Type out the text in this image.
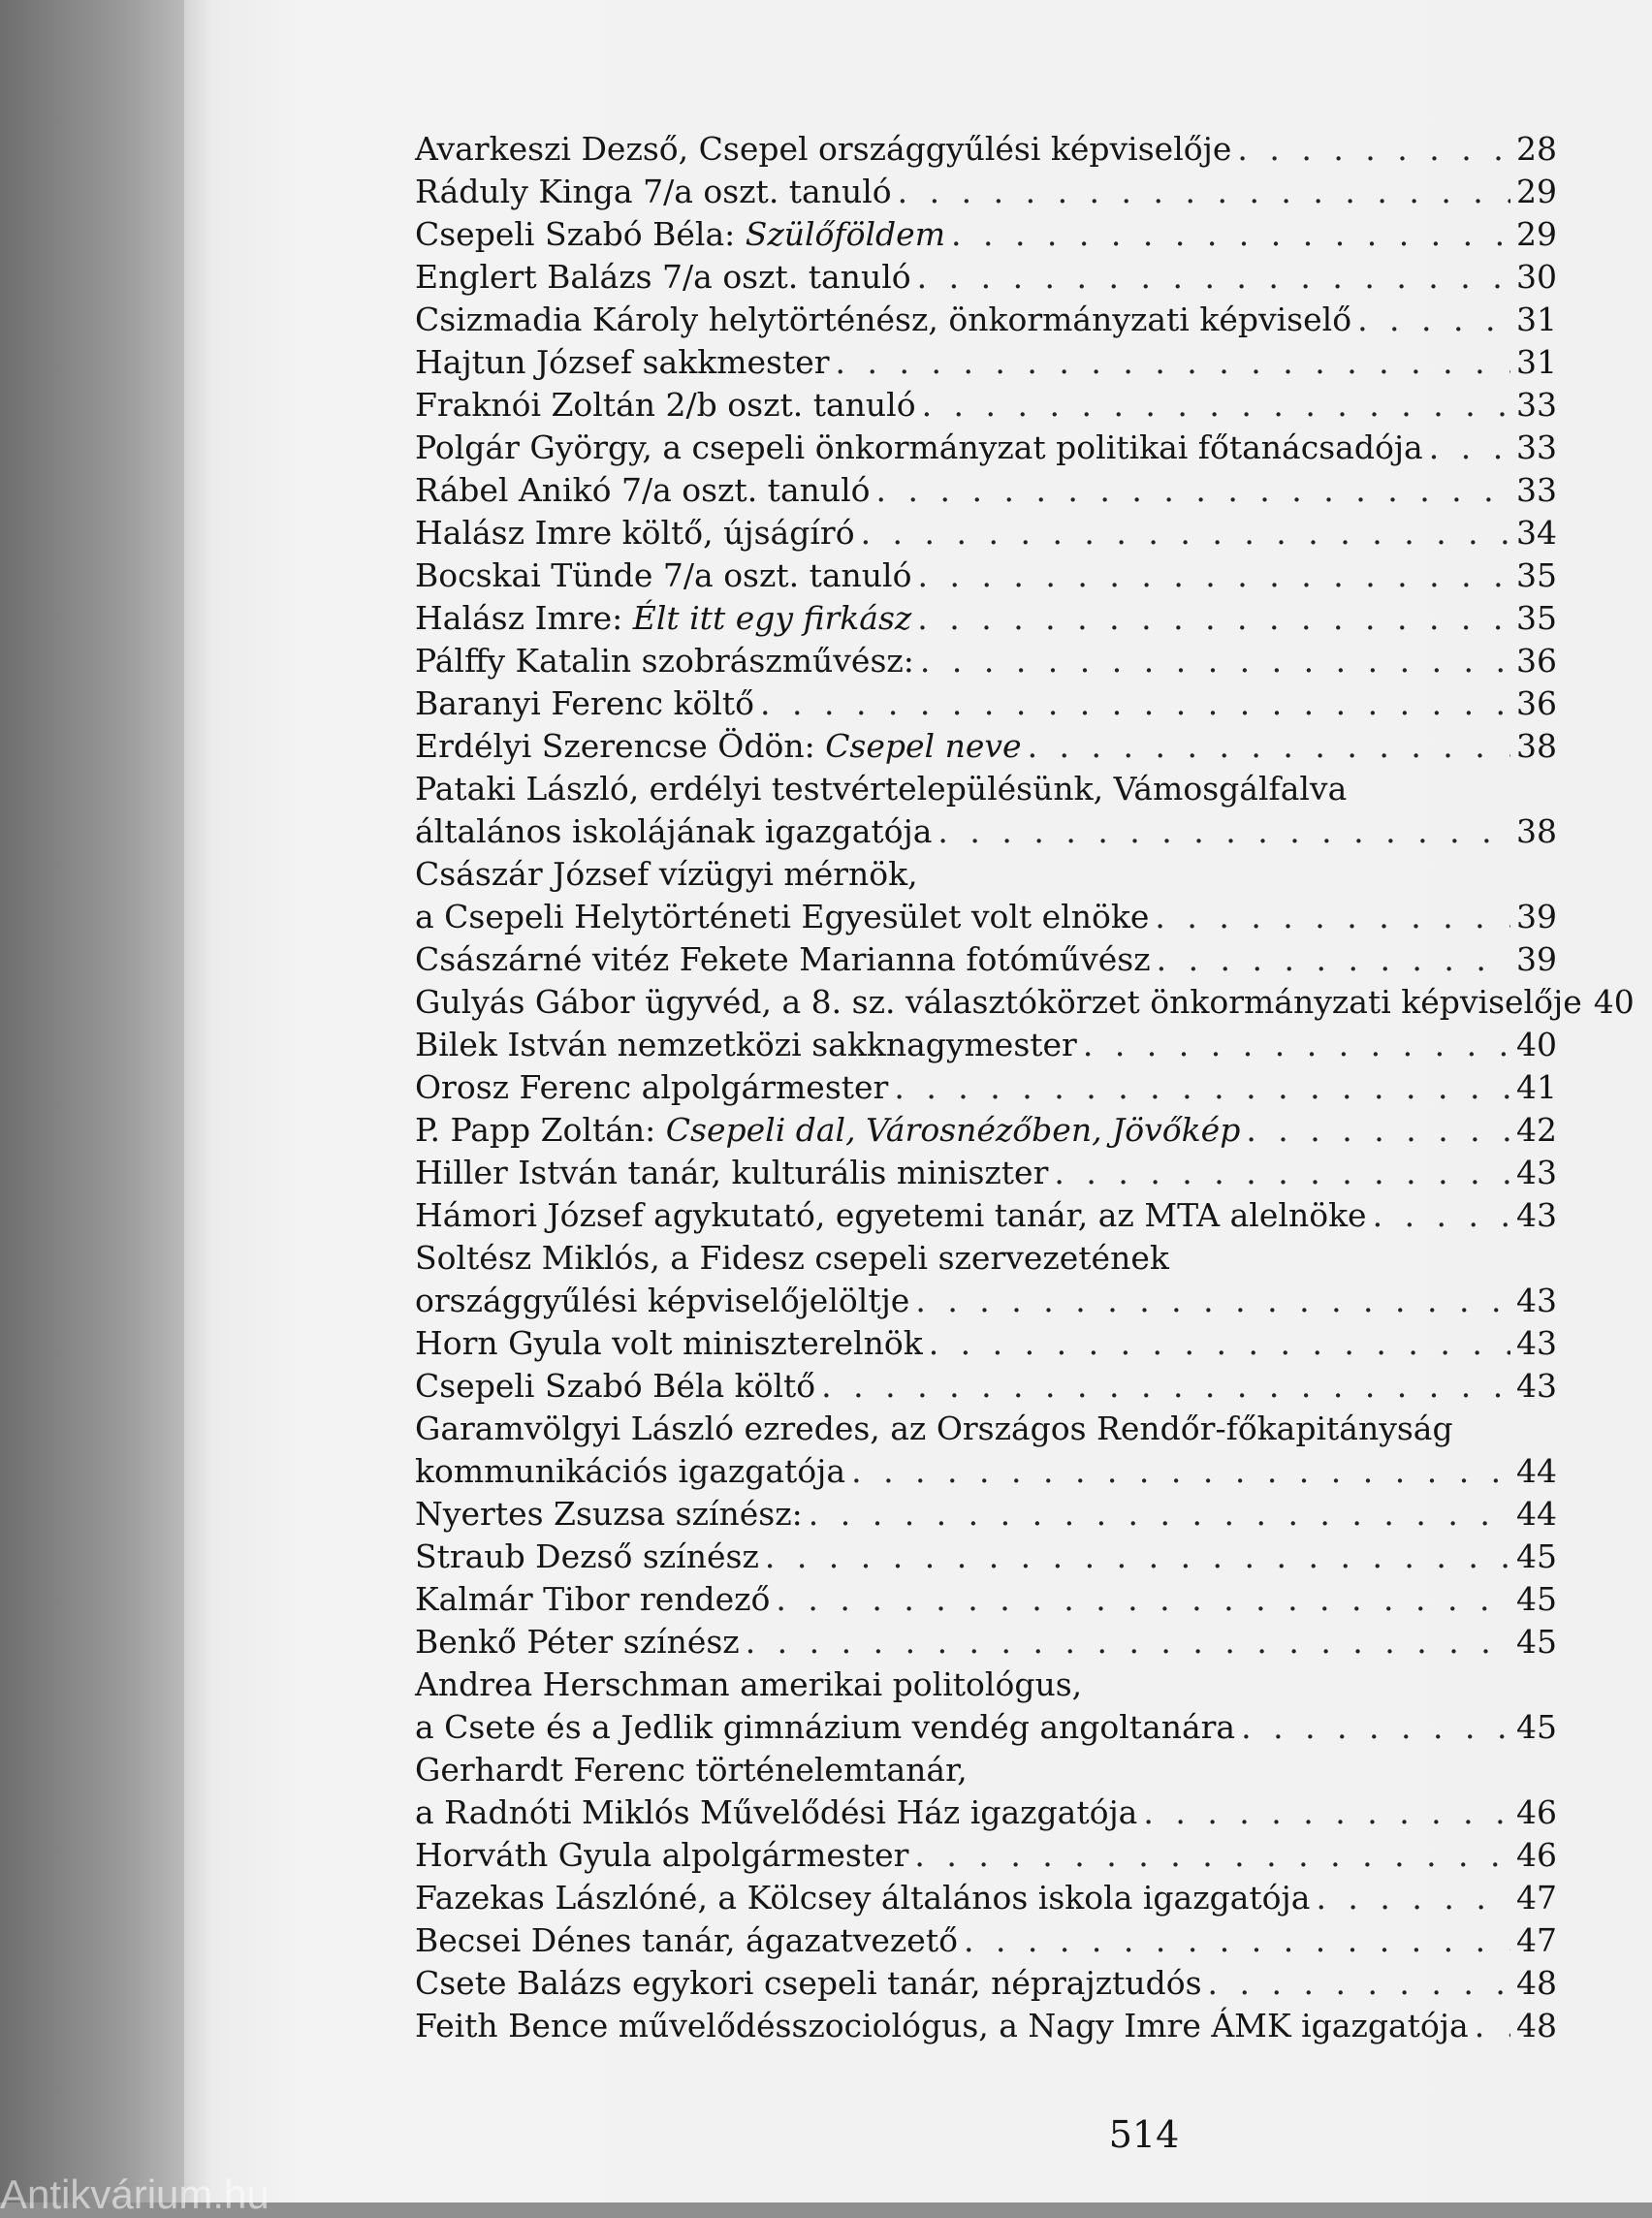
Avarkeszi Dezső, Csepel országgyűlési képviselője . . .	28
Ráduly Kinga 7/a oszt. tanuló . . .	29
Csepeli Szabó Béla: Szülőföldem . . .	29
Englert Balázs 7/a oszt. tanuló . . .	30
Csizmadia Károly helytörténész, önkormányzati képviselő . . .	31
Hajtun József sakkmester . . .	31
Fraknói Zoltán 2/b oszt. tanuló . . .	33
Polgár György, a csepeli önkormányzat politikai főtanácsadója . . .	33
Rábel Anikó 7/a oszt. tanuló . . .	33
Halász Imre költő, újságíró . . .	34
Bocskai Tünde 7/a oszt. tanuló . . .	35
Halász Imre: Élt itt egy firkász . . .	35
Pálffy Katalin szobrászművész: . . .	36
Baranyi Ferenc költő . . .	36
Erdélyi Szerencse Ödön: Csepel neve . . .	38
Pataki László, erdélyi testvértelepülésünk, Vámosgálfalva
általános iskolájának igazgatója . . .	38
Császár József vízügyi mérnök,
a Csepeli Helytörténeti Egyesület volt elnöke . . .	39
Császárné vitéz Fekete Marianna fotóművész . . .	39
Gulyás Gábor ügyvéd, a 8. sz. választókörzet önkormányzati képviselője 40
Bilek István nemzetközi sakknagymester . . .	40
Orosz Ferenc alpolgármester . . .	41
P. Papp Zoltán: Csepeli dal, Városnézőben, Jövőkép . . .	42
Hiller István tanár, kulturális miniszter . . .	43
Hámori József agykutató, egyetemi tanár, az MTA alelnöke . . .	43
Soltész Miklós, a Fidesz csepeli szervezetének
országgyűlési képviselőjelöltje . . .	43
Horn Gyula volt miniszterelnök . . .	43
Csepeli Szabó Béla költő . . .	43
Garamvölgyi László ezredes, az Országos Rendőr-főkapitányság
kommunikációs igazgatója . . .	44
Nyertes Zsuzsa színész: . . .	44
Straub Dezső színész . . .	45
Kalmár Tibor rendező . . .	45
Benkő Péter színész . . .	45
Andrea Herschman amerikai politológus,
a Csete és a Jedlik gimnázium vendég angoltanára . . .	45
Gerhardt Ferenc történelemtanár,
a Radnóti Miklós Művelődési Ház igazgatója . . .	46
Horváth Gyula alpolgármester . . .	46
Fazekas Lászlóné, a Kölcsey általános iskola igazgatója . . .	47
Becsei Dénes tanár, ágazatvezető . . .	47
Csete Balázs egykori csepeli tanár, néprajztudós . . .	48
Feith Bence művelődésszociológus, a Nagy Imre ÁMK igazgatója . . . 48
514
Antikvárium.hu
